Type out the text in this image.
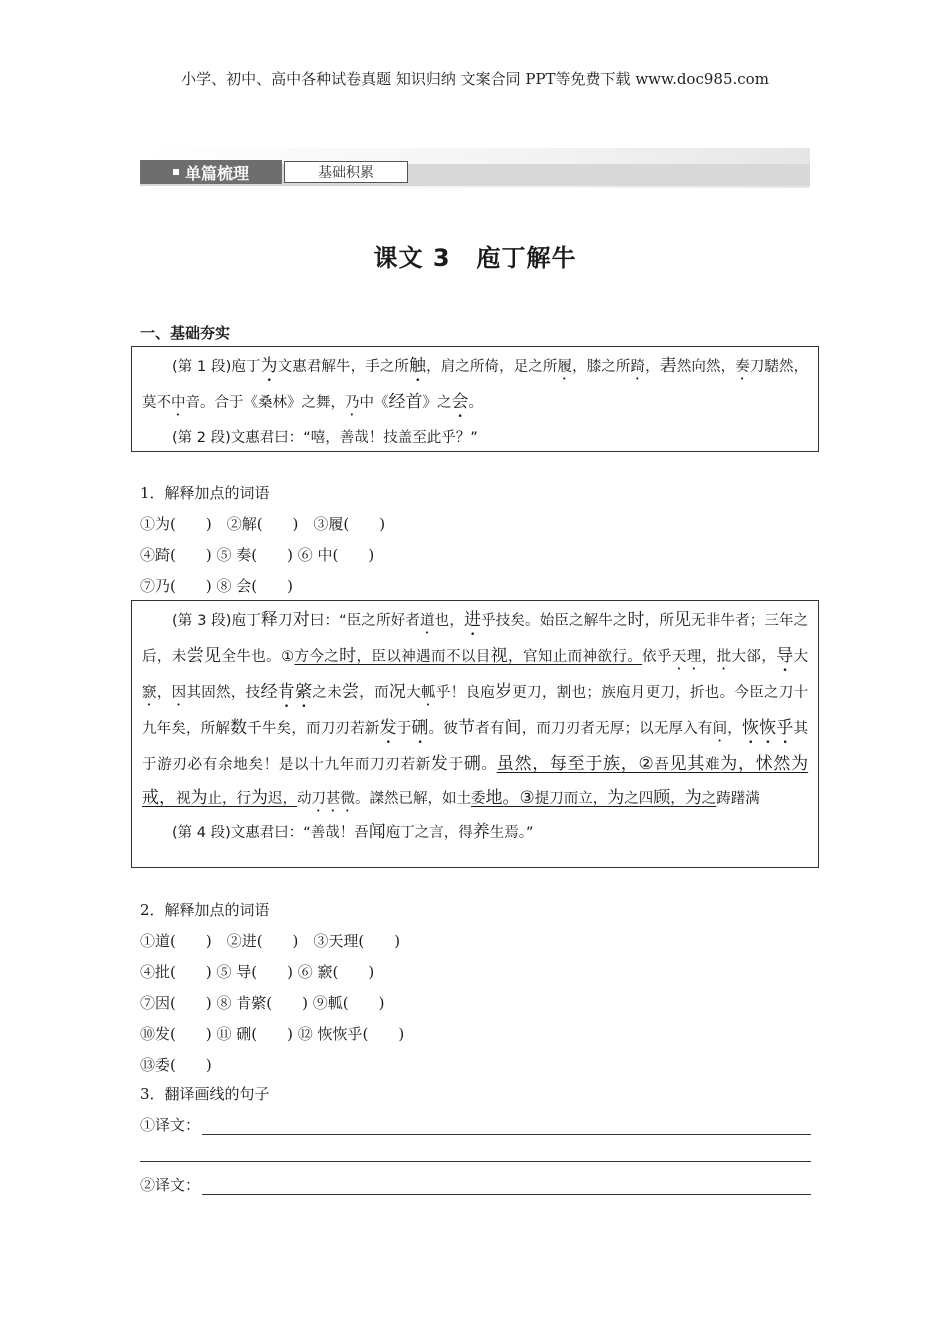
小学、初中、高中各种试卷真题 知识归纳 文案合同 PPT等免费下载 www.doc985.com
单篇梳理	基础积累
课文 3 庖丁解牛
一、基础夯实

(第 1 段)庖丁为文惠君解牛，手之所触，肩之所倚，足之所履，膝之所踦，砉然向然，奏刀騞然，莫不中音。合于《桑林》之舞，乃中《经首》之会。

(第 2 段)文惠君曰：“嘻，善哉！技盖至此乎？”

1．解释加点的词语
①为(　　)　②解(　　)　③履(　　)
④踦(　　) ⑤ 奏(　　) ⑥ 中(　　)
⑦乃(　　) ⑧ 会(　　)

(第 3 段)庖丁释刀对曰：“臣之所好者道也，进乎技矣。始臣之解牛之时，所见无非牛者；三年之后，未尝见全牛也。①方今之时，臣以神遇而不以目视，官知止而神欲行。依乎天理，批大郤，导大窾，因其固然，技经肯綮之未尝，而况大軱乎！良庖岁更刀，割也；族庖月更刀，折也。今臣之刀十九年矣，所解数千牛矣，而刀刃若新发于硎。彼节者有间，而刀刃者无厚；以无厚入有间，恢恢乎其于游刃必有余地矣！是以十九年而刀刃若新发于硎。虽然，每至于族，②吾见其难为，怵然为戒，视为止，行为迟，动刀甚微。謋然已解，如土委地。③提刀而立，为之四顾，为之踌躇满

(第 4 段)文惠君曰：“善哉！吾闻庖丁之言，得养生焉。”

2．解释加点的词语
①道(　　)　②进(　　)　③天理(　　)
④批(　　) ⑤ 导(　　) ⑥ 窾(　　)
⑦因(　　) ⑧ 肯綮(　　) ⑨軱(　　)
⑩发(　　) ⑪ 硎(　　) ⑫ 恢恢乎(　　)
⑬委(　　)
3．翻译画线的句子
①译文：
②译文：
